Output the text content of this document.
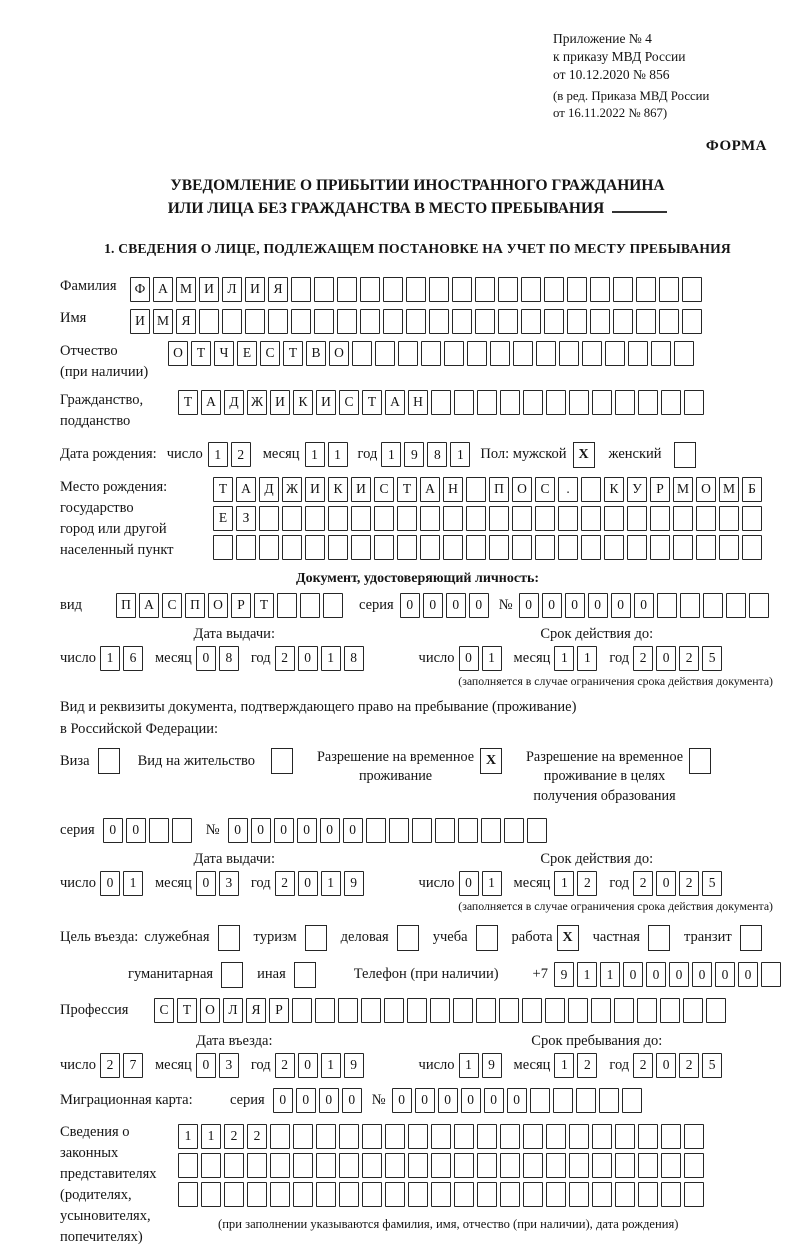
Приложение № 4
к приказу МВД России
от 10.12.2020 № 856
(в ред. Приказа МВД России
от 16.11.2022 № 867)
ФОРМА
УВЕДОМЛЕНИЕ О ПРИБЫТИИ ИНОСТРАННОГО ГРАЖДАНИНА
ИЛИ ЛИЦА БЕЗ ГРАЖДАНСТВА В МЕСТО ПРЕБЫВАНИЯ
1. СВЕДЕНИЯ О ЛИЦЕ, ПОДЛЕЖАЩЕМ ПОСТАНОВКЕ НА УЧЕТ ПО МЕСТУ ПРЕБЫВАНИЯ
Фамилия	Ф А М И	Л	И	Я
Имя	И М Я
Отчество
(при наличии)
О	Т	Ч	Е	С	Т	В	О
Гражданство,
подданство
Т	А	Д Ж И	К	И	С	Т	А Н
Дата рождения: число 1	2	месяц 1	1	год 1	9	8	1	Пол: мужской X	женский
Место рождения:
государство
город или другой
населенный пункт
Т	А	Д Ж И	К	И	С	Т	А Н	П О	С	.	К	У	Р М О М Б
Е	З
Документ, удостоверяющий личность:
вид	П А	С	П О	Р	Т	серия 0	0	0	0	№ 0	0	0	0	0	0
Дата выдачи:
число 1	6	месяц 0	8	год 2	0	1	8
Срок действия до:
число 0	1	месяц 1	1	год 2	0	2	5
(заполняется в случае ограничения срока действия документа)
Вид и реквизиты документа, подтверждающего право на пребывание (проживание)
в Российской Федерации:
Виза	Вид на жительство	Разрешение на временное
проживание
X	Разрешение на временное
проживание в целях
получения образования
серия	0	0	№	0	0	0	0	0	0
Дата выдачи:
число 0	1	месяц 0	3	год 2	0	1	9
Срок действия до:
число 0	1	месяц 1	2	год 2	0	2	5
(заполняется в случае ограничения срока действия документа)
Цель въезда: служебная	туризм	деловая	учеба	работа X	частная	транзит
гуманитарная	иная	Телефон (при наличии) +7 9	1	1	0	0	0	0	0	0
Профессия	С	Т	О	Л	Я	Р
Дата въезда:
число 2	7	месяц 0	3	год 2	0	1	9
Срок пребывания до:
число 1	9	месяц 1	2	год 2	0	2	5
Миграционная карта:	серия	0	0	0	0	№ 0	0	0	0	0	0
Сведения о
законных
представителях
(родителях,
усыновителях,
попечителях)
1	1	2	2
(при заполнении указываются фамилия, имя, отчество (при наличии), дата рождения)
